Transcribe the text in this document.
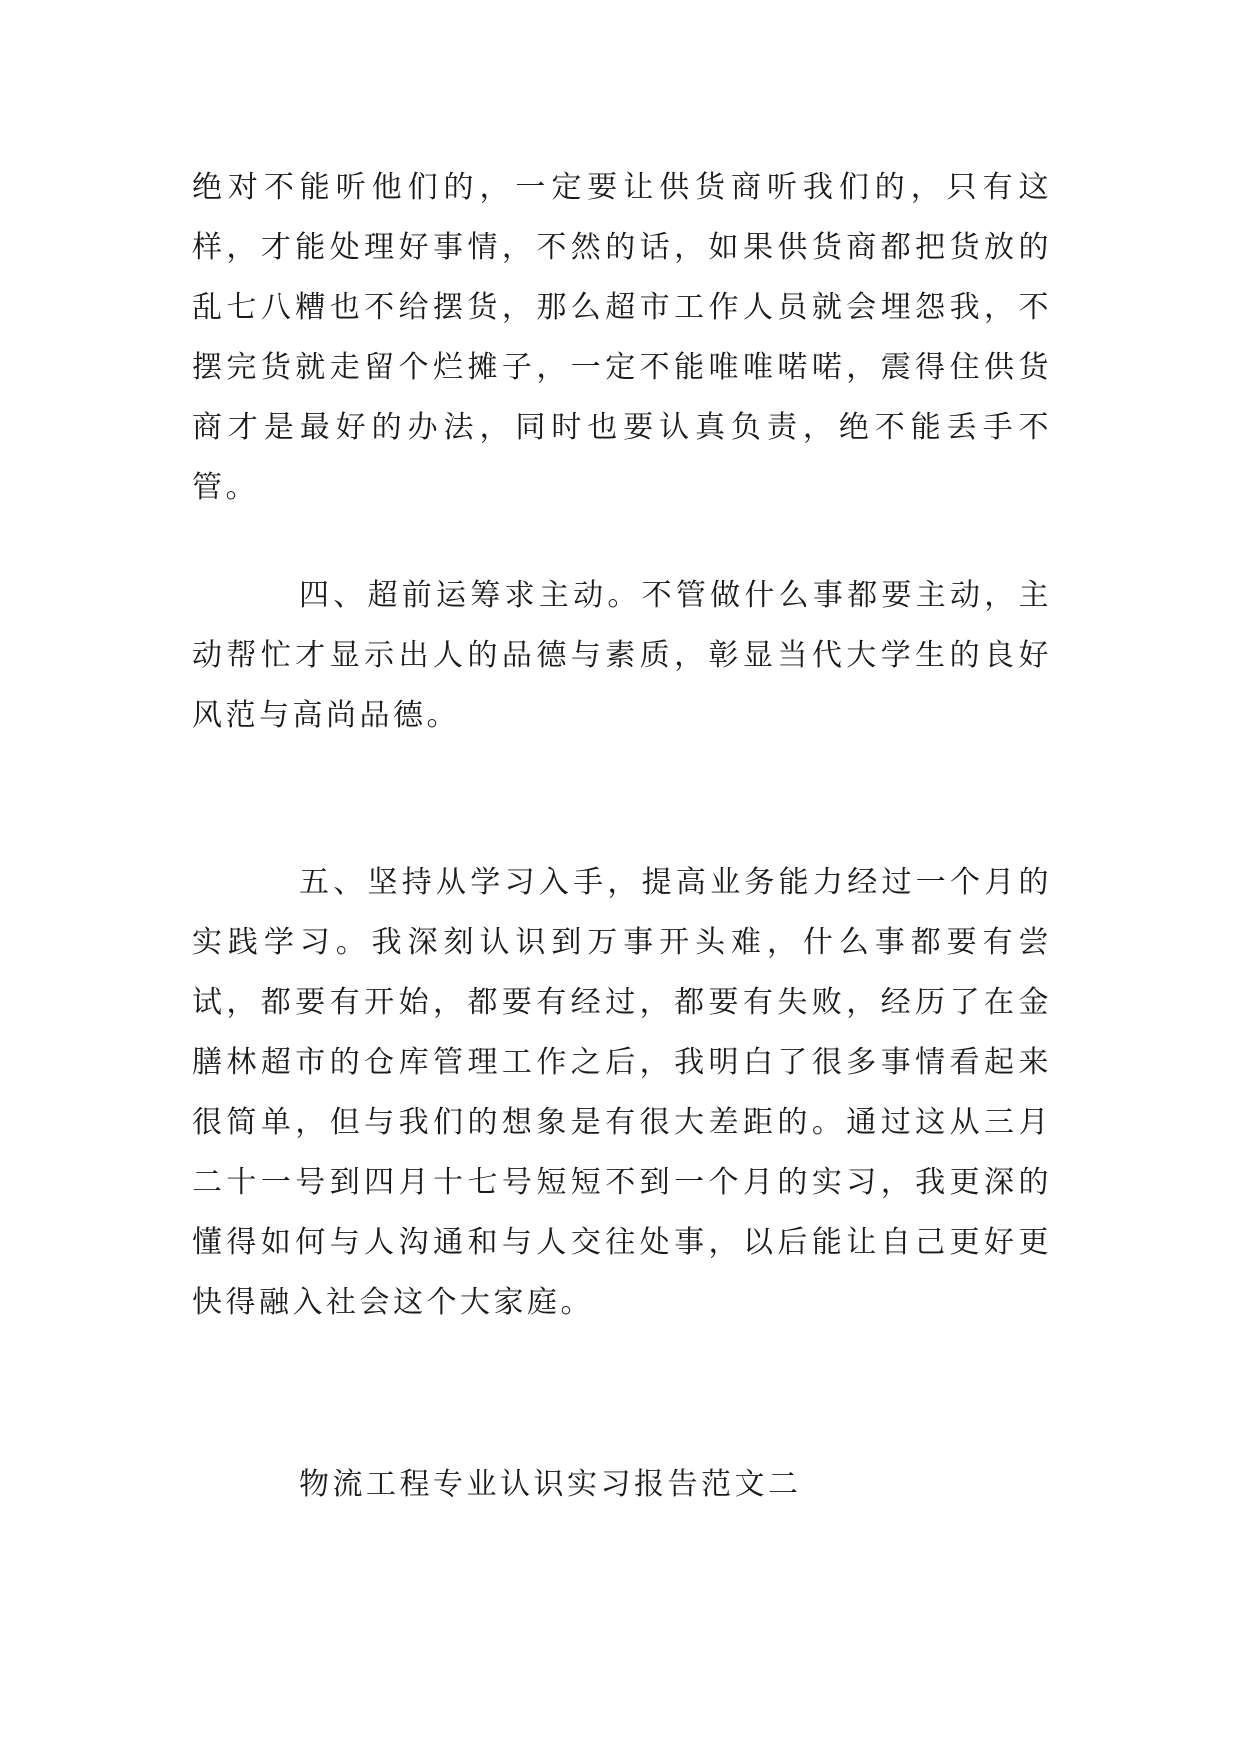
绝对不能听他们的，一定要让供货商听我们的，只有这样，才能处理好事情，不然的话，如果供货商都把货放的乱七八糟也不给摆货，那么超市工作人员就会埋怨我，不摆完货就走留个烂摊子，一定不能唯唯喏喏，震得住供货商才是最好的办法，同时也要认真负责，绝不能丢手不管。

四、超前运筹求主动。不管做什么事都要主动，主动帮忙才显示出人的品德与素质，彰显当代大学生的良好风范与高尚品德。

五、坚持从学习入手，提高业务能力经过一个月的实践学习。我深刻认识到万事开头难，什么事都要有尝试，都要有开始，都要有经过，都要有失败，经历了在金膳林超市的仓库管理工作之后，我明白了很多事情看起来很简单，但与我们的想象是有很大差距的。通过这从三月二十一号到四月十七号短短不到一个月的实习，我更深的懂得如何与人沟通和与人交往处事，以后能让自己更好更快得融入社会这个大家庭。

物流工程专业认识实习报告范文二
